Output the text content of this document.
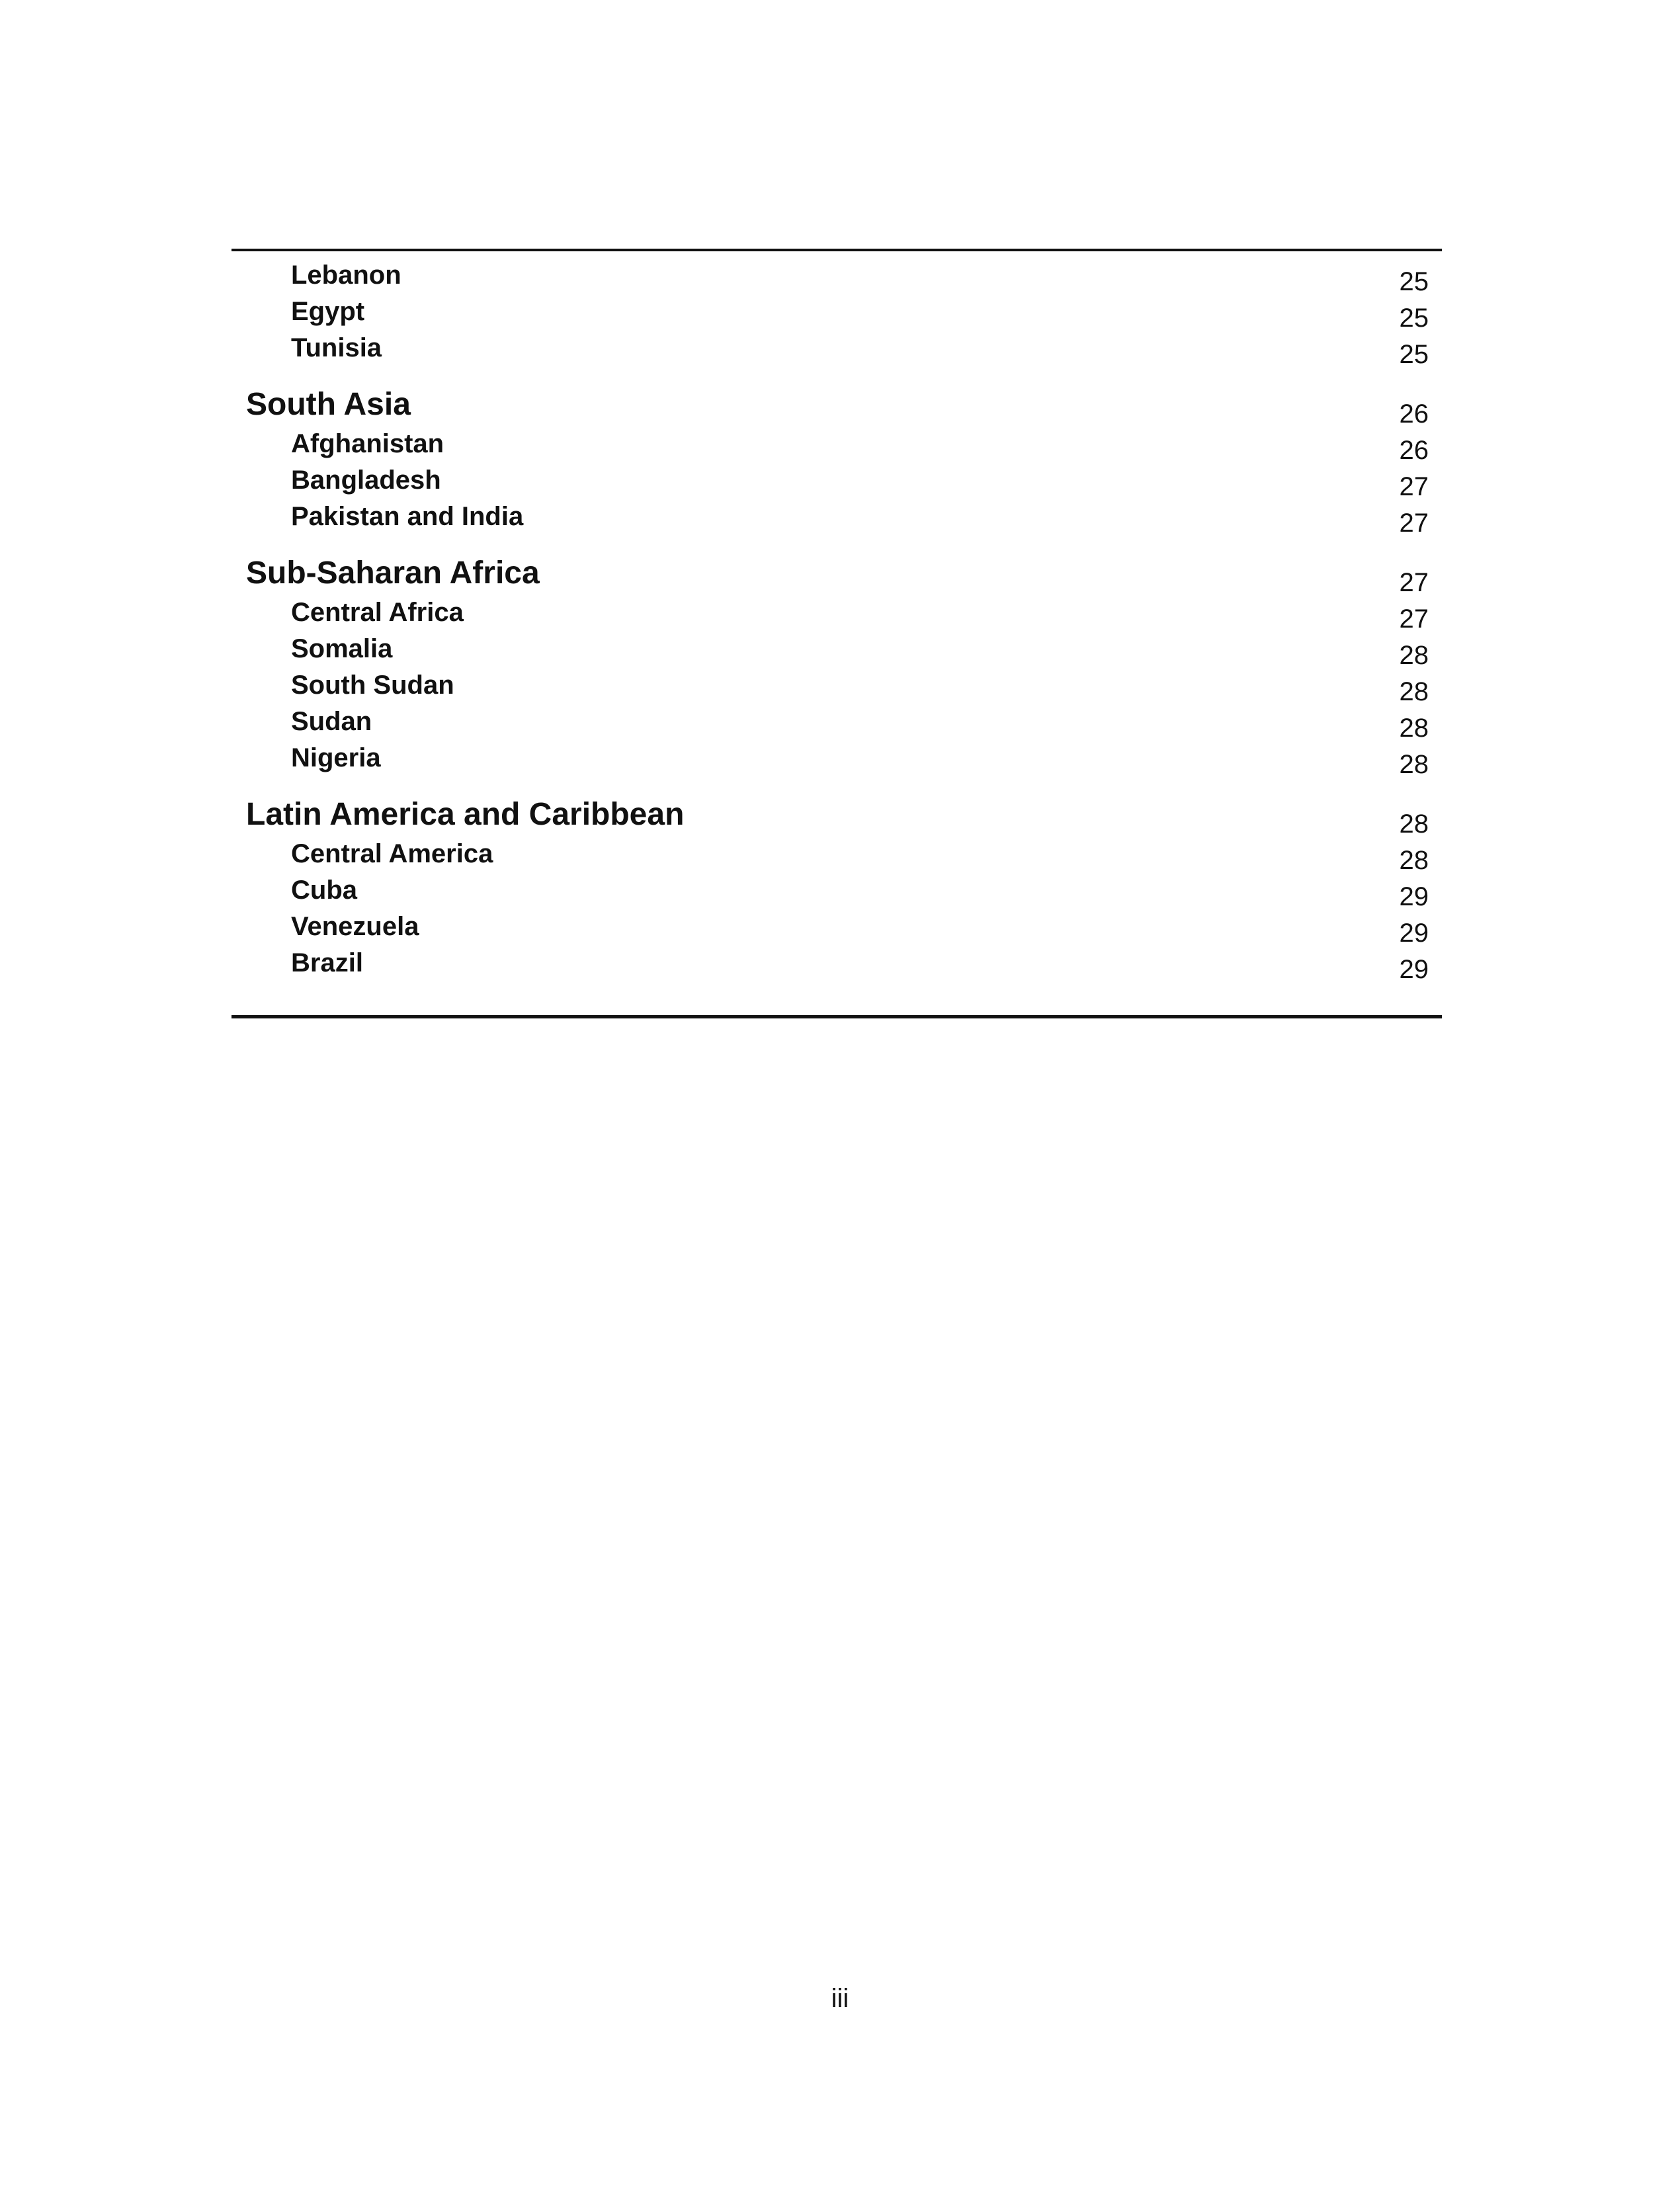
Lebanon	25
Egypt	25
Tunisia	25
South Asia	26
Afghanistan	26
Bangladesh	27
Pakistan and India	27
Sub-Saharan Africa	27
Central Africa	27
Somalia	28
South Sudan	28
Sudan	28
Nigeria	28
Latin America and Caribbean	28
Central America	28
Cuba	29
Venezuela	29
Brazil	29
iii
